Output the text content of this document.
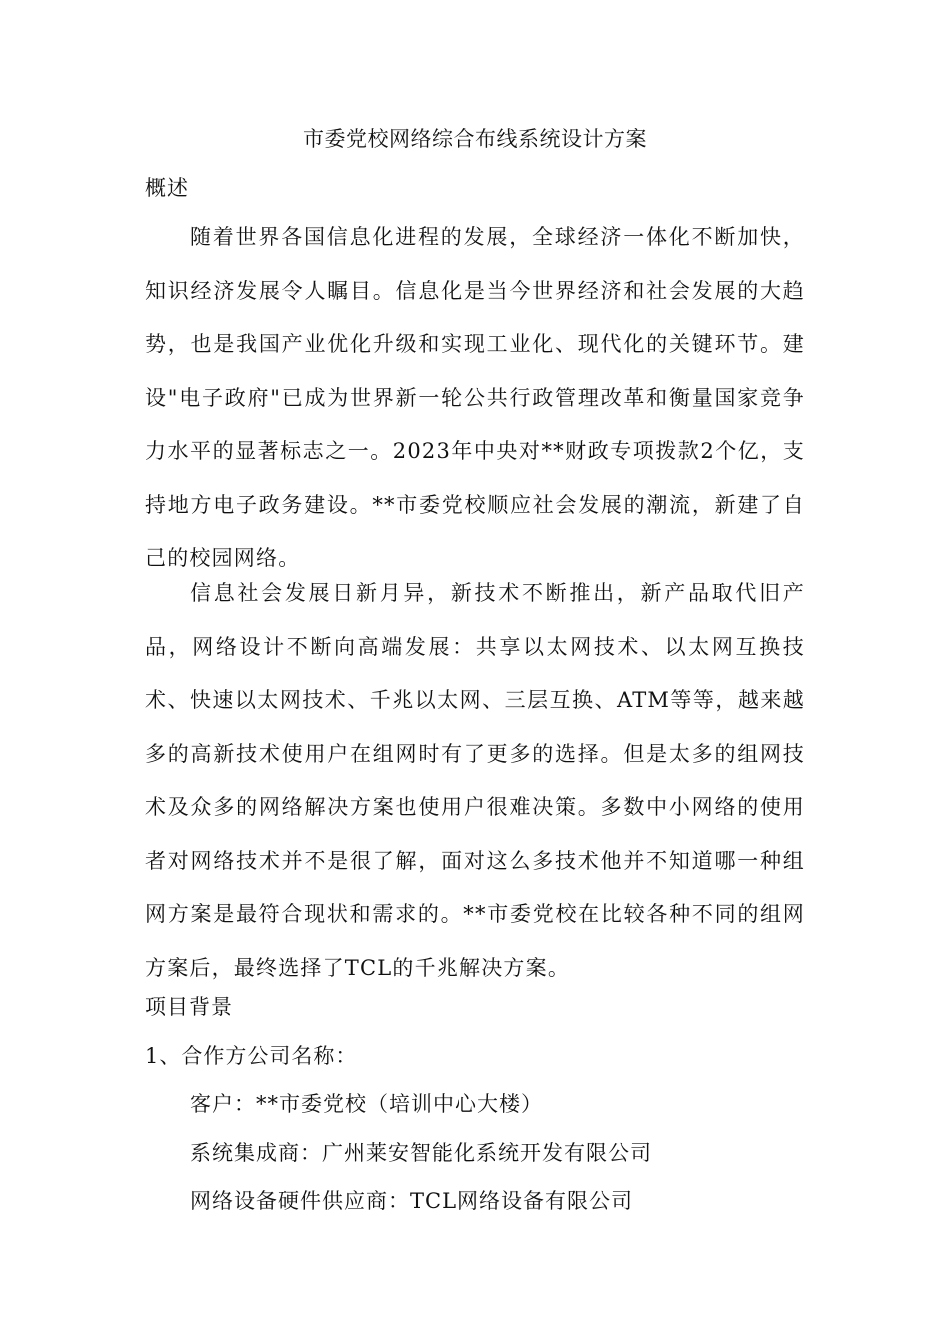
市委党校网络综合布线系统设计方案
概述

随着世界各国信息化进程的发展，全球经济一体化不断加快，知识经济发展令人瞩目。信息化是当今世界经济和社会发展的大趋势，也是我国产业优化升级和实现工业化、现代化的关键环节。建设"电子政府"已成为世界新一轮公共行政管理改革和衡量国家竞争力水平的显著标志之一。2023年中央对**财政专项拨款2个亿，支持地方电子政务建设。**市委党校顺应社会发展的潮流，新建了自己的校园网络。

信息社会发展日新月异，新技术不断推出，新产品取代旧产品，网络设计不断向高端发展：共享以太网技术、以太网互换技术、快速以太网技术、千兆以太网、三层互换、ATM等等，越来越多的高新技术使用户在组网时有了更多的选择。但是太多的组网技术及众多的网络解决方案也使用户很难决策。多数中小网络的使用者对网络技术并不是很了解，面对这么多技术他并不知道哪一种组网方案是最符合现状和需求的。**市委党校在比较各种不同的组网方案后，最终选择了TCL的千兆解决方案。

项目背景
1、合作方公司名称：
客户：**市委党校（培训中心大楼）
系统集成商：广州莱安智能化系统开发有限公司
网络设备硬件供应商：TCL网络设备有限公司
